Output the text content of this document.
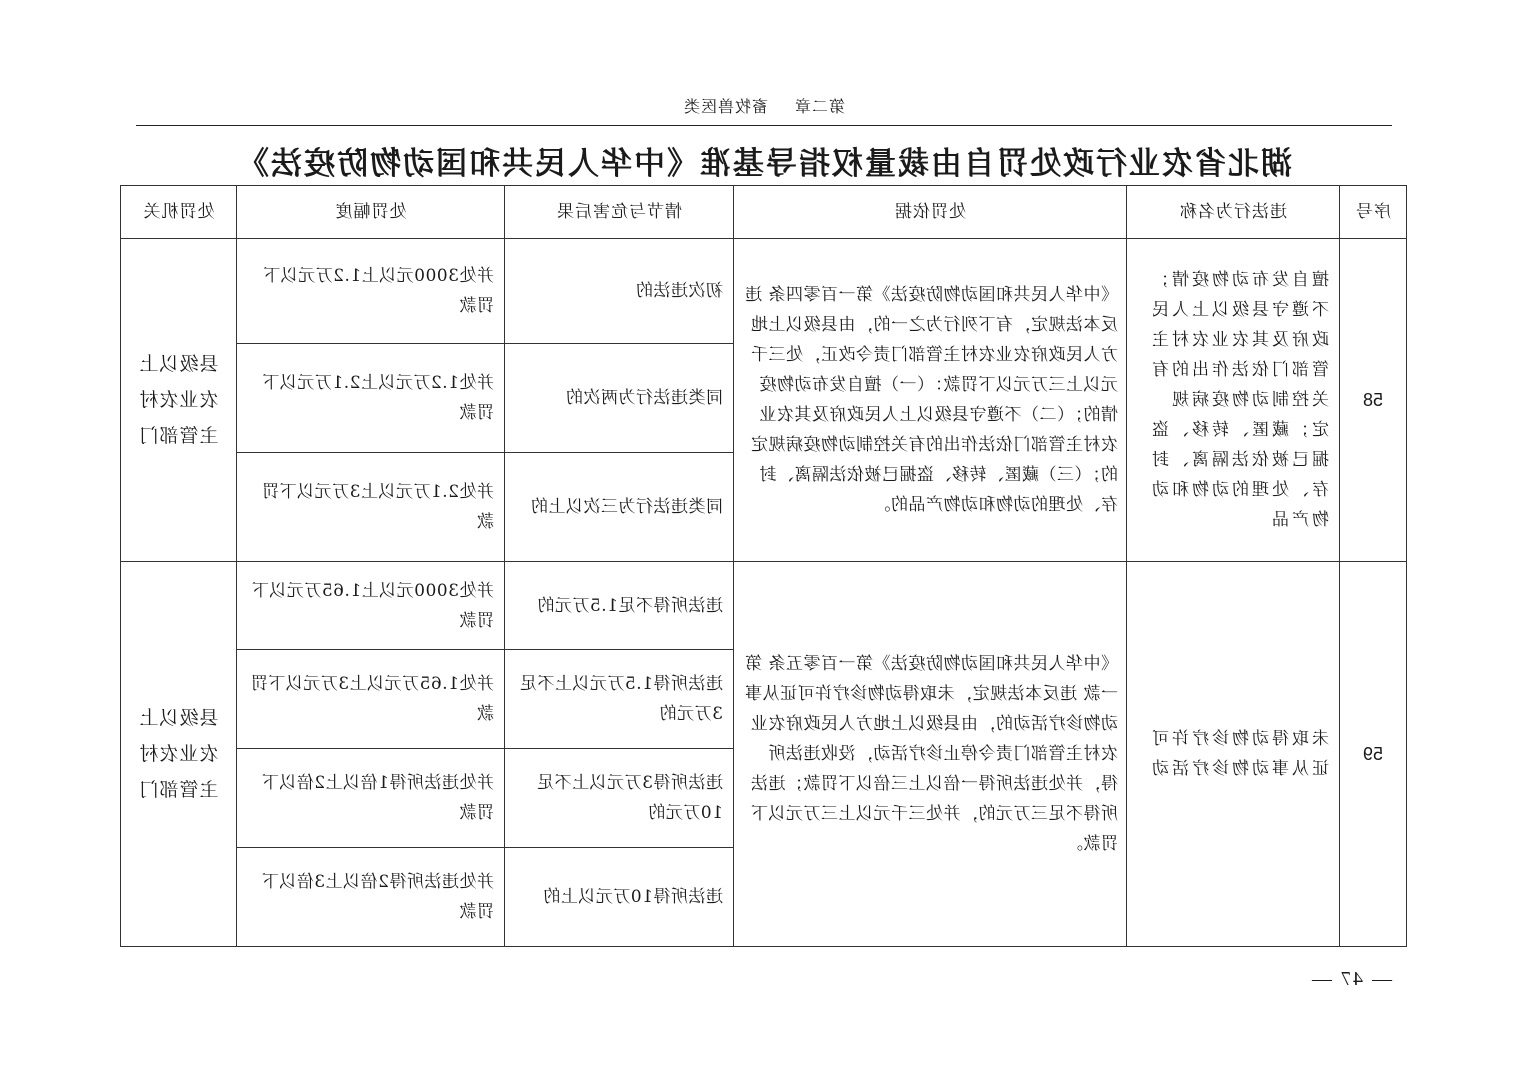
第二章畜牧兽医类
湖北省农业行政处罚自由裁量权指导基准《中华人民共和国动物防疫法》
序号	违法行为名称	处罚依据	情节与危害后果	处罚幅度	处罚机关
58	擅自发布动物疫情；不遵守县级以上人民政府及其农业农村主管部门依法作出的有关控制动物疫病规定；藏匿、转移、盗掘已被依法隔离、封存、处理的动物和动物产品	《中华人民共和国动物防疫法》第一百零四条 违反本法规定，有下列行为之一的，由县级以上地方人民政府农业农村主管部门责令改正，处三千元以上三万元以下罚款：（一）擅自发布动物疫情的；（二）不遵守县级以上人民政府及其农业农村主管部门依法作出的有关控制动物疫病规定的；（三）藏匿、转移、盗掘已被依法隔离、封存、处理的动物和动物产品的。	初次违法的	并处3000元以上1.2万元以下罚款	县级以上农业农村主管部门
			同类违法行为两次的	并处1.2万元以上2.1万元以下罚款	
			同类违法行为三次以上的	并处2.1万元以上3万元以下罚款	
59	未取得动物诊疗许可证从事动物诊疗活动	《中华人民共和国动物防疫法》第一百零五条 第一款 违反本法规定，未取得动物诊疗许可证从事动物诊疗活动的，由县级以上地方人民政府农业农村主管部门责令停止诊疗活动，没收违法所得，并处违法所得一倍以上三倍以下罚款；违法所得不足三万元的，并处三千元以上三万元以下罚款。	违法所得不足1.5万元的	并处3000元以上1.65万元以下罚款	县级以上农业农村主管部门
			违法所得1.5万元以上不足3万元的	并处1.65万元以上3万元以下罚款	
			违法所得3万元以上不足10万元的	并处违法所得1倍以上2倍以下罚款	
			违法所得10万元以上的	并处违法所得2倍以上3倍以下罚款	
— 47 —
